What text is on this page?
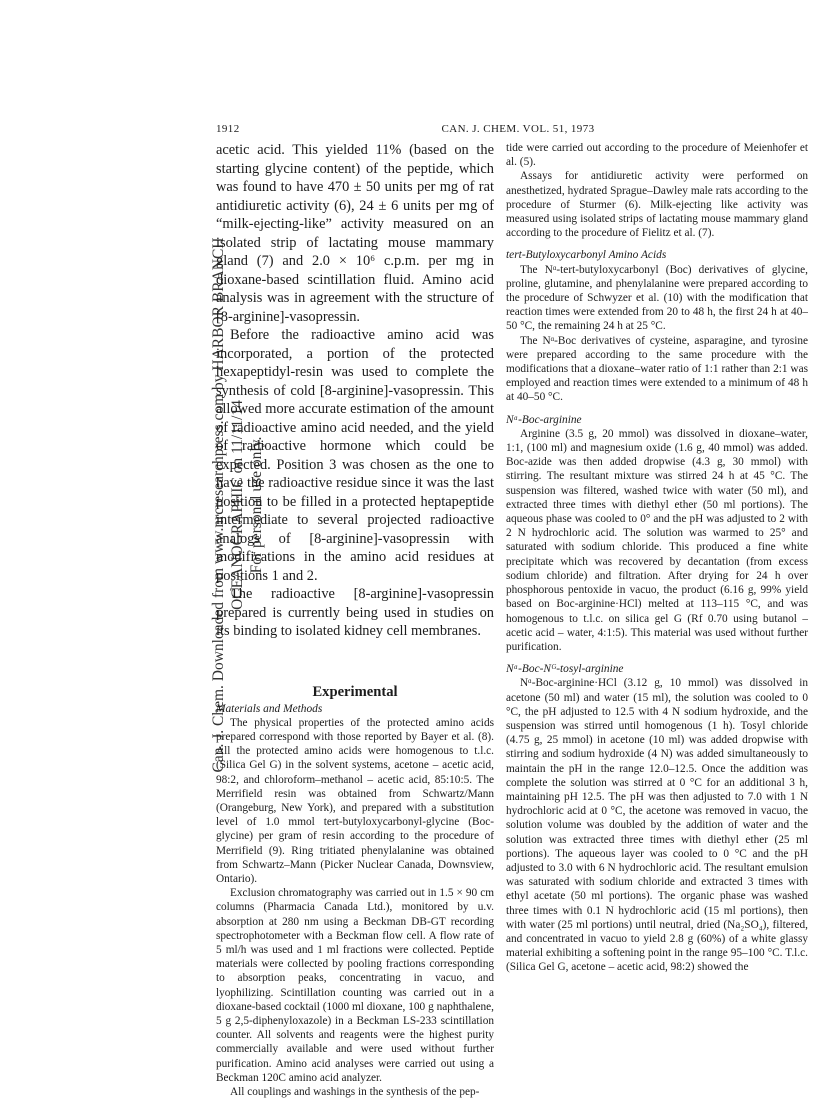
Can. J. Chem. Downloaded from www.nrcresearchpress.com by HARBOR BRANCH OCEANOGRAPHIC on 11/11/14 For personal use only.
1912	CAN. J. CHEM. VOL. 51, 1973

acetic acid. This yielded 11% (based on the starting glycine content) of the peptide, which was found to have 470 ± 50 units per mg of rat antidiuretic activity (6), 24 ± 6 units per mg of “milk-ejecting-like” activity measured on an isolated strip of lactating mouse mammary gland (7) and 2.0 × 10⁶ c.p.m. per mg in dioxane-based scintillation fluid. Amino acid analysis was in agreement with the structure of [8-arginine]-vasopressin.

Before the radioactive amino acid was incorporated, a portion of the protected hexapeptidyl-resin was used to complete the synthesis of cold [8-arginine]-vasopressin. This allowed more accurate estimation of the amount of radioactive amino acid needed, and the yield of radioactive hormone which could be expected. Position 3 was chosen as the one to have the radioactive residue since it was the last position to be filled in a protected heptapeptide intermediate to several projected radioactive analogs of [8-arginine]-vasopressin with modifications in the amino acid residues at positions 1 and 2.

The radioactive [8-arginine]-vasopressin prepared is currently being used in studies on its binding to isolated kidney cell membranes.

Experimental

Materials and Methods

The physical properties of the protected amino acids prepared correspond with those reported by Bayer et al. (8). All the protected amino acids were homogenous to t.l.c. (Silica Gel G) in the solvent systems, acetone – acetic acid, 98:2, and chloroform–methanol – acetic acid, 85:10:5. The Merrifield resin was obtained from Schwartz/Mann (Orangeburg, New York), and prepared with a substitution level of 1.0 mmol tert-butyloxycarbonyl-glycine (Boc-glycine) per gram of resin according to the procedure of Merrifield (9). Ring tritiated phenylalanine was obtained from Schwartz–Mann (Picker Nuclear Canada, Downsview, Ontario).

Exclusion chromatography was carried out in 1.5 × 90 cm columns (Pharmacia Canada Ltd.), monitored by u.v. absorption at 280 nm using a Beckman DB-GT recording spectrophotometer with a Beckman flow cell. A flow rate of 5 ml/h was used and 1 ml fractions were collected. Peptide materials were collected by pooling fractions corresponding to absorption peaks, concentrating in vacuo, and lyophilizing. Scintillation counting was carried out in a dioxane-based cocktail (1000 ml dioxane, 100 g naphthalene, 5 g 2,5-diphenyloxazole) in a Beckman LS-233 scintillation counter. All solvents and reagents were the highest purity commercially available and were used without further purification. Amino acid analyses were carried out using a Beckman 120C amino acid analyzer.

All couplings and washings in the synthesis of the pep-

tide were carried out according to the procedure of Meienhofer et al. (5).

Assays for antidiuretic activity were performed on anesthetized, hydrated Sprague–Dawley male rats according to the procedure of Sturmer (6). Milk-ejecting like activity was measured using isolated strips of lactating mouse mammary gland according to the procedure of Fielitz et al. (7).

tert-Butyloxycarbonyl Amino Acids

The Nᵅ-tert-butyloxycarbonyl (Boc) derivatives of glycine, proline, glutamine, and phenylalanine were prepared according to the procedure of Schwyzer et al. (10) with the modification that reaction times were extended from 20 to 48 h, the first 24 h at 40–50 °C, the remaining 24 h at 25 °C.

The Nᵅ-Boc derivatives of cysteine, asparagine, and tyrosine were prepared according to the same procedure with the modifications that a dioxane–water ratio of 1:1 rather than 2:1 was employed and reaction times were extended to a minimum of 48 h at 40–50 °C.

Nᵅ-Boc-arginine

Arginine (3.5 g, 20 mmol) was dissolved in dioxane–water, 1:1, (100 ml) and magnesium oxide (1.6 g, 40 mmol) was added. Boc-azide was then added dropwise (4.3 g, 30 mmol) with stirring. The resultant mixture was stirred 24 h at 45 °C. The suspension was filtered, washed twice with water (50 ml), and extracted three times with diethyl ether (50 ml portions). The aqueous phase was cooled to 0° and the pH was adjusted to 2 with 2 N hydrochloric acid. The solution was warmed to 25° and saturated with sodium chloride. This produced a fine white precipitate which was recovered by decantation (from excess sodium chloride) and filtration. After drying for 24 h over phosphorous pentoxide in vacuo, the product (6.16 g, 99% yield based on Boc-arginine·HCl) melted at 113–115 °C, and was homogenous to t.l.c. on silica gel G (Rf 0.70 using butanol – acetic acid – water, 4:1:5). This material was used without further purification.

Nᵅ-Boc-Nᴳ-tosyl-arginine

Nᵅ-Boc-arginine·HCl (3.12 g, 10 mmol) was dissolved in acetone (50 ml) and water (15 ml), the solution was cooled to 0 °C, the pH adjusted to 12.5 with 4 N sodium hydroxide, and the suspension was stirred until homogenous (1 h). Tosyl chloride (4.75 g, 25 mmol) in acetone (10 ml) was added dropwise with stirring and sodium hydroxide (4 N) was added simultaneously to maintain the pH in the range 12.0–12.5. Once the addition was complete the solution was stirred at 0 °C for an additional 3 h, maintaining pH 12.5. The pH was then adjusted to 7.0 with 1 N hydrochloric acid at 0 °C, the acetone was removed in vacuo, the solution volume was doubled by the addition of water and the solution was extracted three times with diethyl ether (25 ml portions). The aqueous layer was cooled to 0 °C and the pH adjusted to 3.0 with 6 N hydrochloric acid. The resultant emulsion was saturated with sodium chloride and extracted 3 times with ethyl acetate (50 ml portions). The organic phase was washed three times with 0.1 N hydrochloric acid (15 ml portions), then with water (25 ml portions) until neutral, dried (Na₂SO₄), filtered, and concentrated in vacuo to yield 2.8 g (60%) of a white glassy material exhibiting a softening point in the range 95–100 °C. T.l.c. (Silica Gel G, acetone – acetic acid, 98:2) showed the
